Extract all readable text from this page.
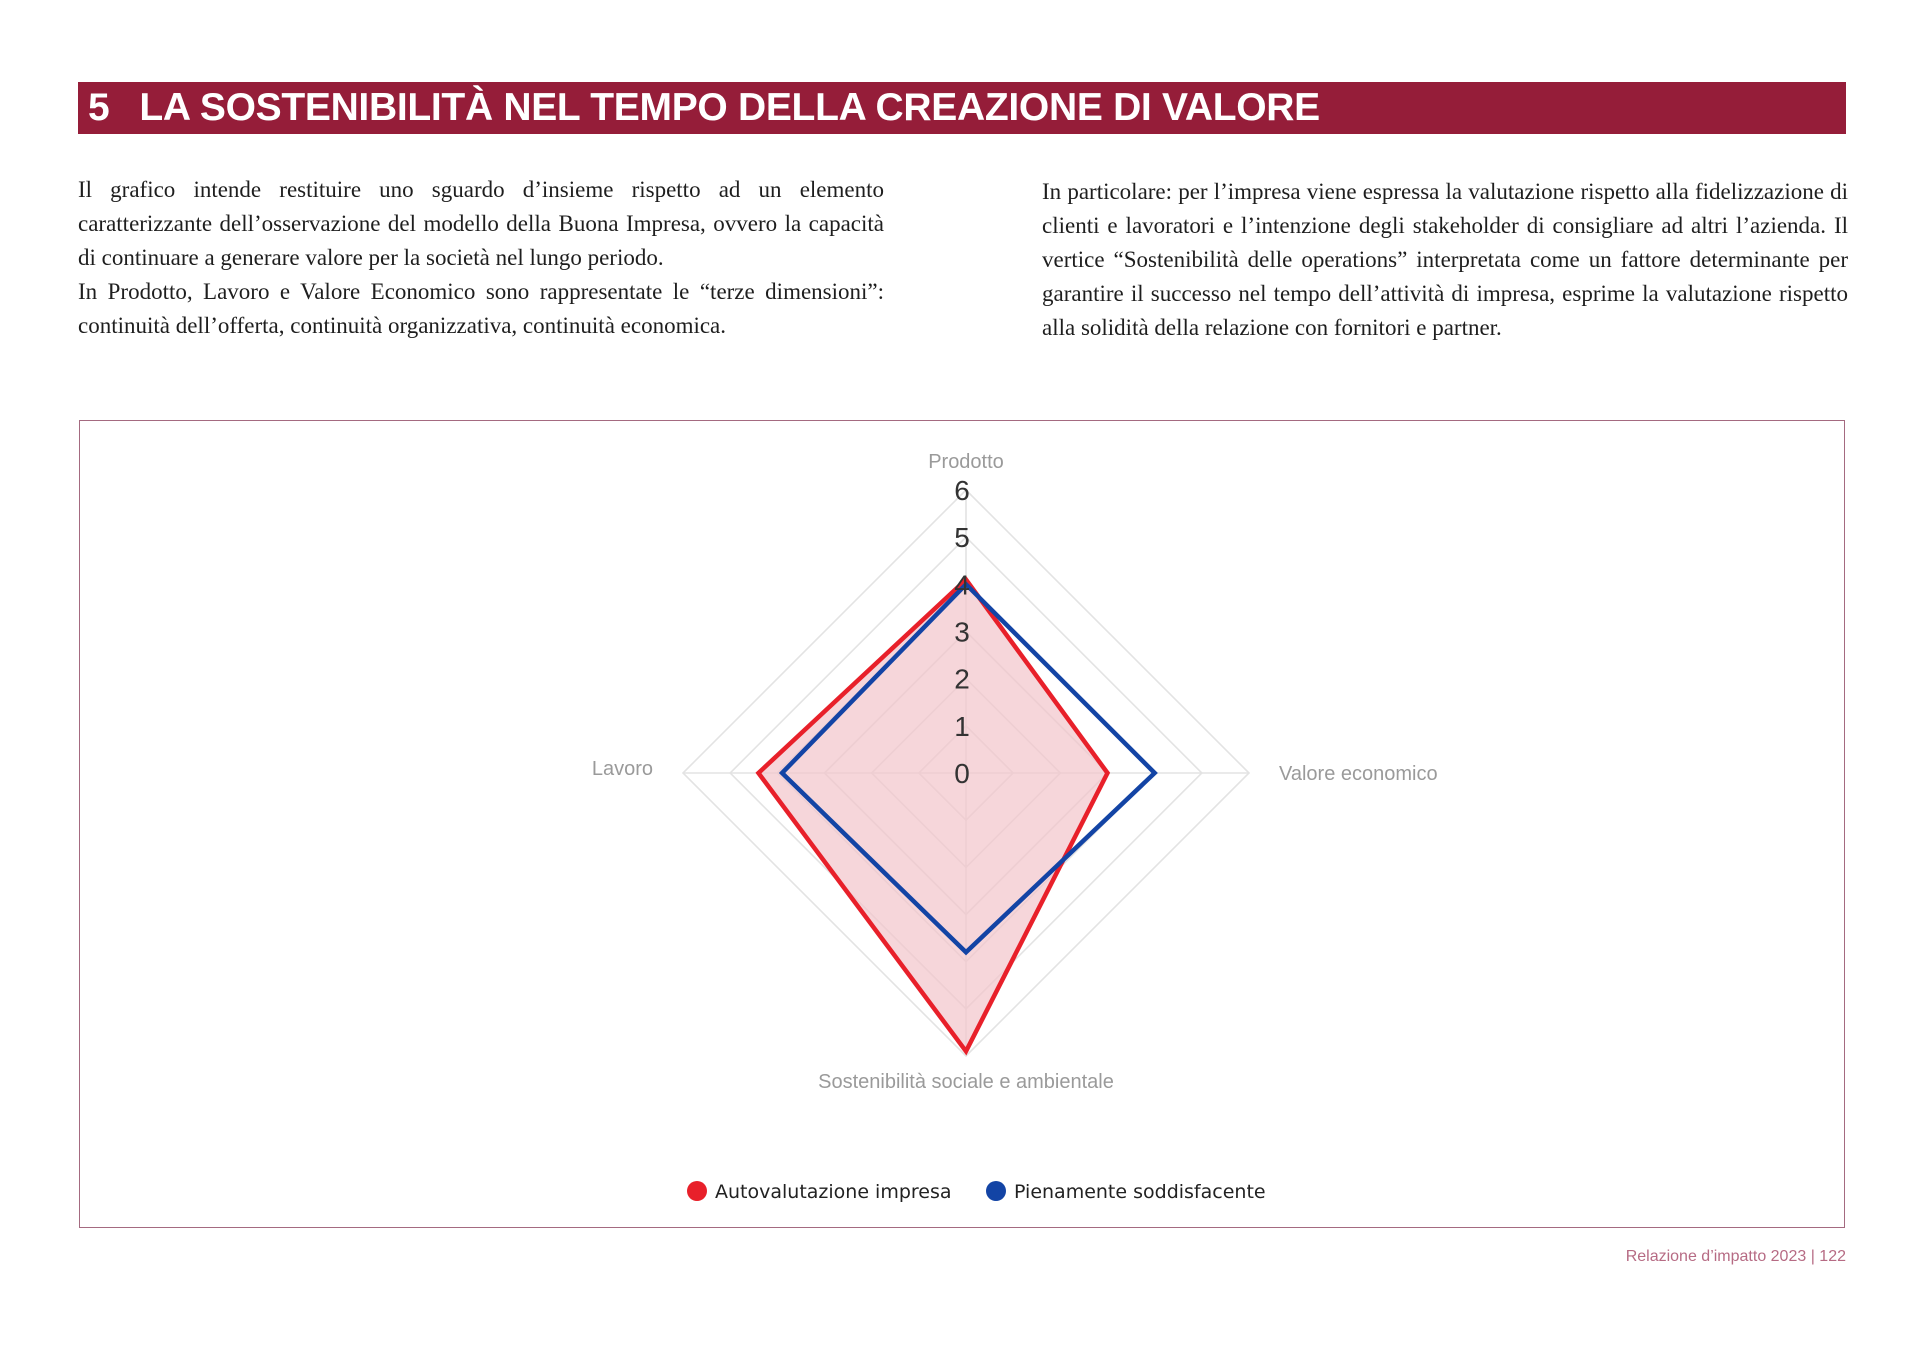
5 LA SOSTENIBILITÀ NEL TEMPO DELLA CREAZIONE DI VALORE

Il grafico intende restituire uno sguardo d’insieme rispetto ad un elemento caratterizzante dell’osservazione del modello della Buona Impresa, ovvero la capacità di continuare a generare valore per la società nel lungo periodo.

In Prodotto, Lavoro e Valore Economico sono rappresentate le “terze dimensioni”: continuità dell’offerta, continuità organizzativa, continuità economica.

In particolare: per l’impresa viene espressa la valutazione rispetto alla fidelizzazione di clienti e lavoratori e l’intenzione degli stakeholder di consigliare ad altri l’azienda. Il vertice “Sostenibilità delle operations” interpretata come un fattore determinante per garantire il successo nel tempo dell’attività di impresa, esprime la valutazione rispetto alla solidità della relazione con fornitori e partner.

0
1
2
3
4
5
6
Prodotto
Valore economico
Sostenibilità sociale e ambientale
Lavoro
Autovalutazione impresa	Pienamente soddisfacente
Relazione d’impatto 2023 | 122
